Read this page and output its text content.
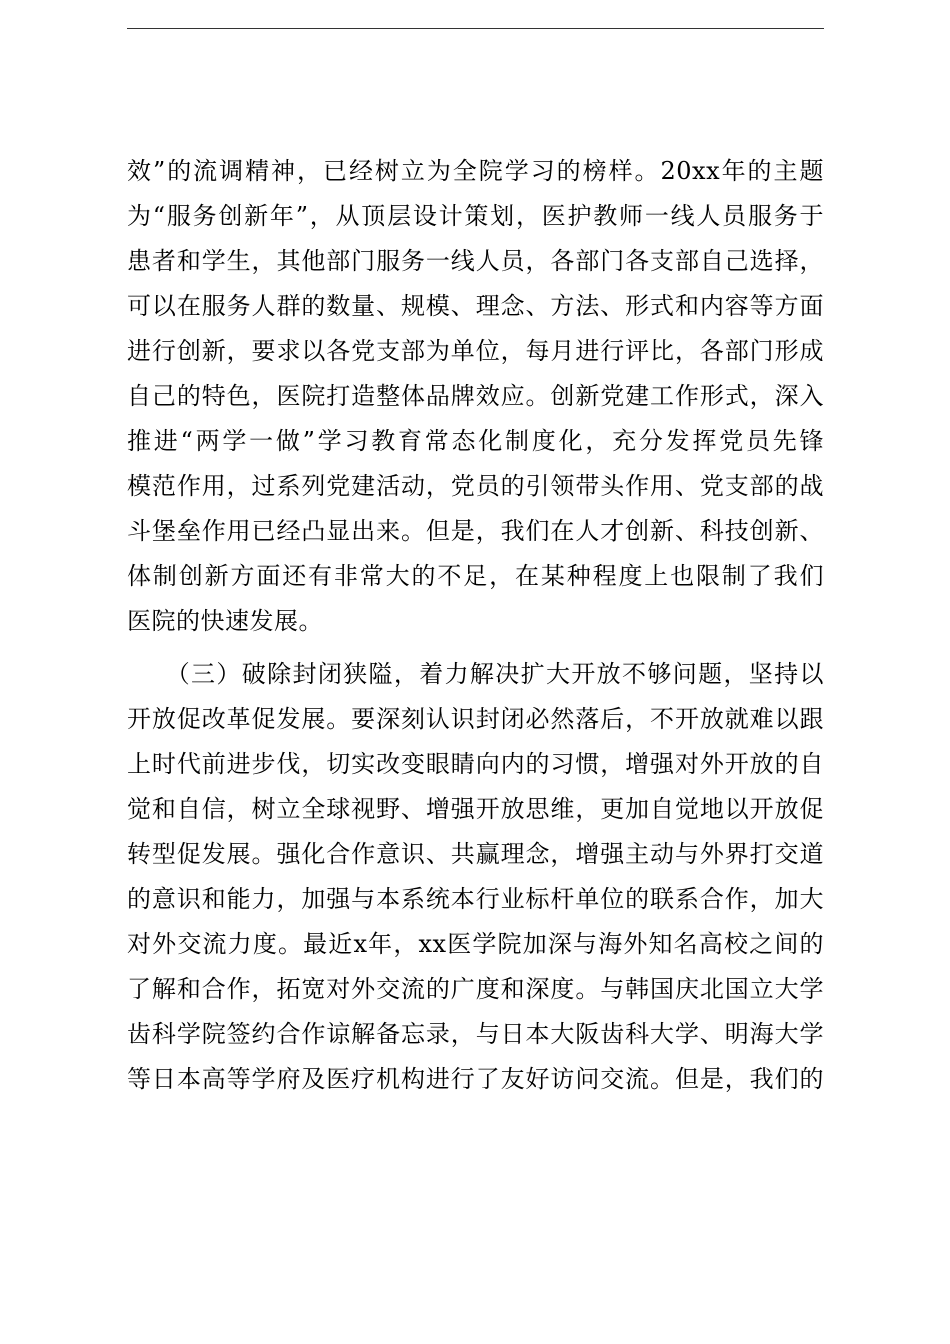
效”的流调精神，已经树立为全院学习的榜样。20xx年的主题
为“服务创新年”，从顶层设计策划，医护教师一线人员服务于
患者和学生，其他部门服务一线人员，各部门各支部自己选择，
可以在服务人群的数量、规模、理念、方法、形式和内容等方面
进行创新，要求以各党支部为单位，每月进行评比，各部门形成
自己的特色，医院打造整体品牌效应。创新党建工作形式，深入
推进“两学一做”学习教育常态化制度化，充分发挥党员先锋
模范作用，过系列党建活动，党员的引领带头作用、党支部的战
斗堡垒作用已经凸显出来。但是，我们在人才创新、科技创新、
体制创新方面还有非常大的不足，在某种程度上也限制了我们
医院的快速发展。
　　（三）破除封闭狭隘，着力解决扩大开放不够问题，坚持以
开放促改革促发展。要深刻认识封闭必然落后，不开放就难以跟
上时代前进步伐，切实改变眼睛向内的习惯，增强对外开放的自
觉和自信，树立全球视野、增强开放思维，更加自觉地以开放促
转型促发展。强化合作意识、共赢理念，增强主动与外界打交道
的意识和能力，加强与本系统本行业标杆单位的联系合作，加大
对外交流力度。最近x年，xx医学院加深与海外知名高校之间的
了解和合作，拓宽对外交流的广度和深度。与韩国庆北国立大学
齿科学院签约合作谅解备忘录，与日本大阪齿科大学、明海大学
等日本高等学府及医疗机构进行了友好访问交流。但是，我们的
